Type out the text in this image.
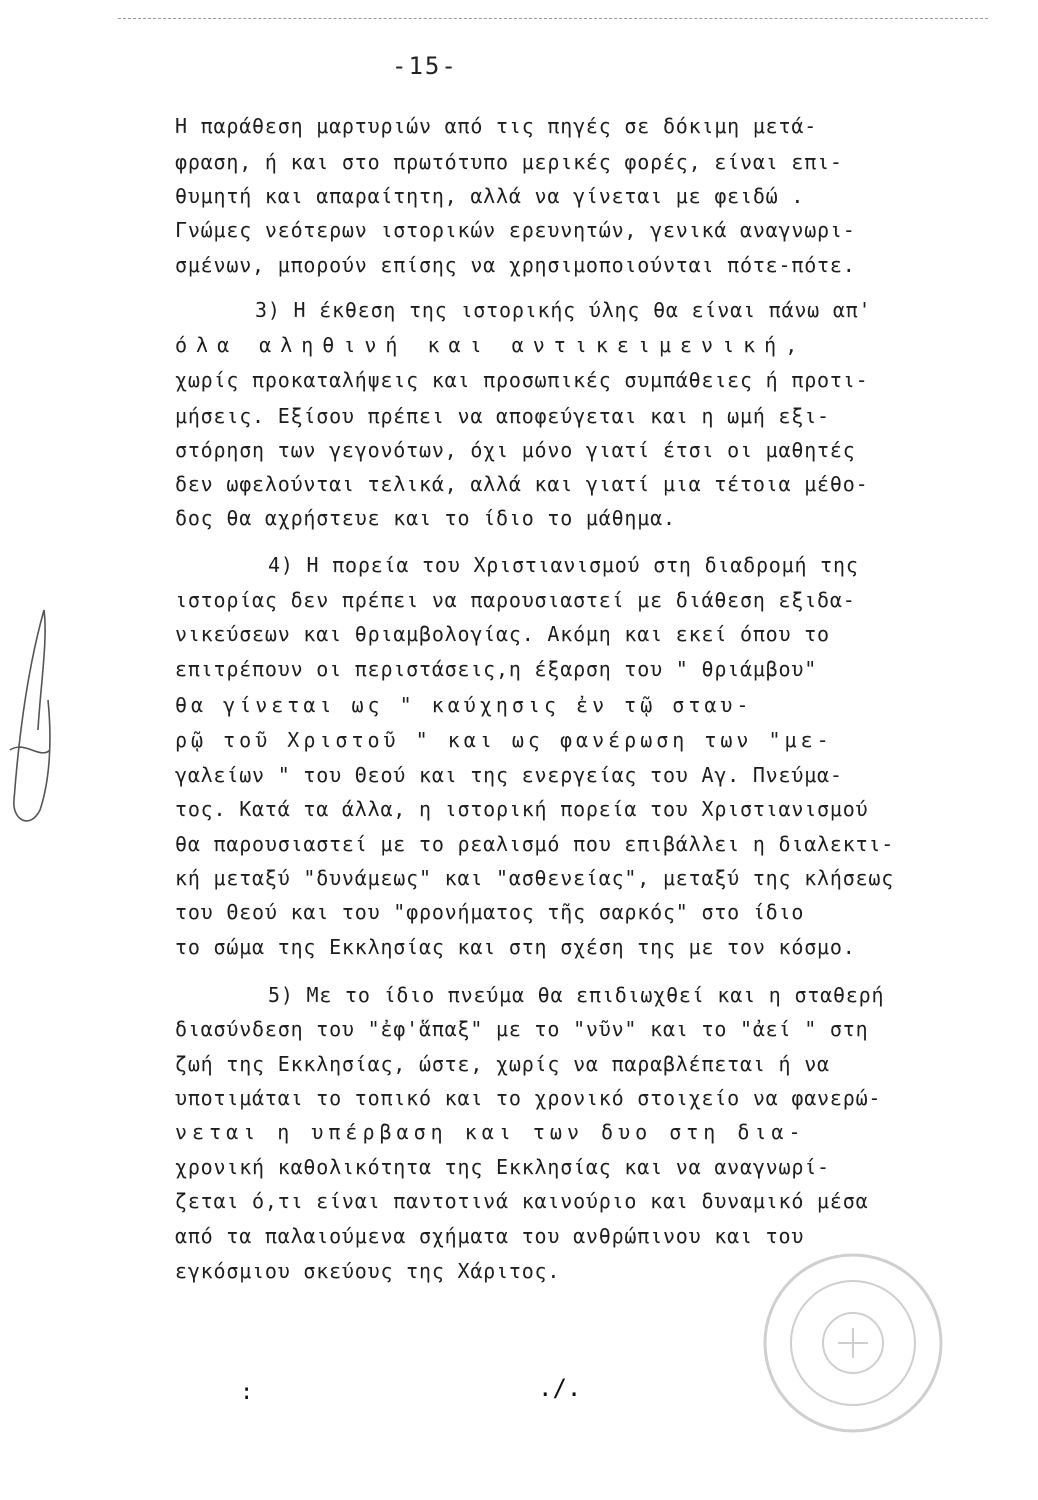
-15-
Η παράθεση μαρτυριών από τις πηγές σε δόκιμη μετά-
φραση, ή και στο πρωτότυπο μερικές φορές, είναι επι-
θυμητή και απαραίτητη, αλλά να γίνεται με φειδώ .
Γνώμες νεότερων ιστορικών ερευνητών, γενικά αναγνωρι-
σμένων, μπορούν επίσης να χρησιμοποιούνται πότε-πότε.
3) Η έκθεση της ιστορικής ύλης θα είναι πάνω απ'
όλα αληθινή και αντικειμενική,
χωρίς προκαταλήψεις και προσωπικές συμπάθειες ή προτι-
μήσεις. Εξίσου πρέπει να αποφεύγεται και η ωμή εξι-
στόρηση των γεγονότων, όχι μόνο γιατί έτσι οι μαθητές
δεν ωφελούνται τελικά, αλλά και γιατί μια τέτοια μέθο-
δος θα αχρήστευε και το ίδιο το μάθημα.
4) Η πορεία του Χριστιανισμού στη διαδρομή της
ιστορίας δεν πρέπει να παρουσιαστεί με διάθεση εξιδα-
νικεύσεων και θριαμβολογίας. Ακόμη και εκεί όπου το
επιτρέπουν οι περιστάσεις,η έξαρση του " θριάμβου"
θα γίνεται ως " καύχησις ἐν τῷ σταυ-
ρῷ τοῦ Χριστοῦ " και ως φανέρωση των "με-
γαλείων " του Θεού και της ενεργείας του Αγ. Πνεύμα-
τος. Κατά τα άλλα, η ιστορική πορεία του Χριστιανισμού
θα παρουσιαστεί με το ρεαλισμό που επιβάλλει η διαλεκτι-
κή μεταξύ "δυνάμεως" και "ασθενείας", μεταξύ της κλήσεως
του Θεού και του "φρονήματος τῆς σαρκός" στο ίδιο
το σώμα της Εκκλησίας και στη σχέση της με τον κόσμο.
5) Με το ίδιο πνεύμα θα επιδιωχθεί και η σταθερή
διασύνδεση του "ἐφ'ἅπαξ" με το "νῦν" και το "ἀεί " στη
ζωή της Εκκλησίας, ώστε, χωρίς να παραβλέπεται ή να
υποτιμάται το τοπικό και το χρονικό στοιχείο να φανερώ-
νεται η υπέρβαση και των δυο στη δια-
χρονική καθολικότητα της Εκκλησίας και να αναγνωρί-
ζεται ό,τι είναι παντοτινά καινούριο και δυναμικό μέσα
από τα παλαιούμενα σχήματα του ανθρώπινου και του
εγκόσμιου σκεύους της Χάριτος.
:	./.
